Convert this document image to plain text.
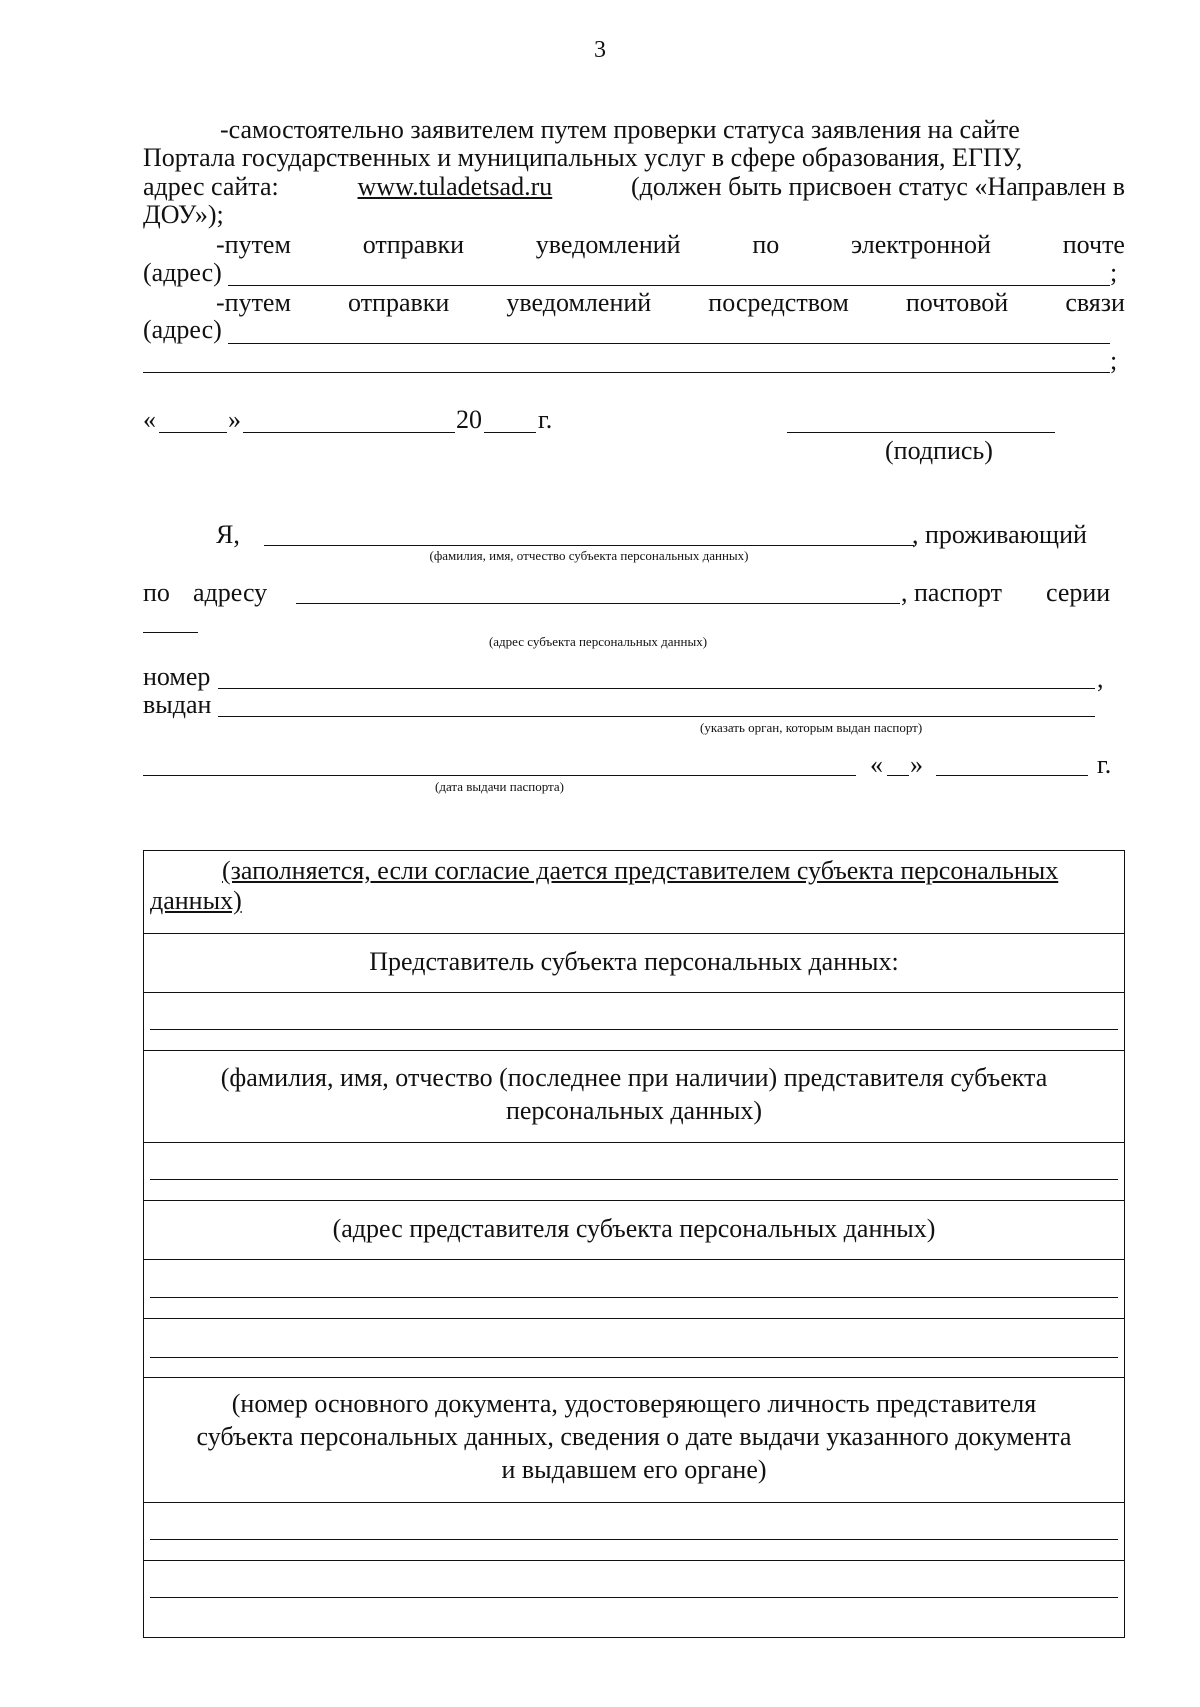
3
-самостоятельно заявителем путем проверки статуса заявления на сайте
Портала государственных и муниципальных услуг в сфере образования, ЕГПУ,
адрес сайта:	www.tuladetsad.ru	(должен быть присвоен статус «Направлен в
ДОУ»);
-путем	отправки	уведомлений	по	электронной	почте
(адрес)	;
-путем отправки уведомлений посредством почтовой связи
(адрес)
;
«	»	20 г.
(подпись)
Я,	, проживающий
(фамилия, имя, отчество субъекта персональных данных)
по адресу	, паспорт серии
(адрес субъекта персональных данных)
номер	,
выдан
(указать орган, которым выдан паспорт)
« »	г.
(дата выдачи паспорта)
(заполняется, если согласие дается представителем субъекта персональных
данных)
Представитель субъекта персональных данных:
(фамилия, имя, отчество (последнее при наличии) представителя субъекта
персональных данных)
(адрес представителя субъекта персональных данных)
(номер основного документа, удостоверяющего личность представителя
субъекта персональных данных, сведения о дате выдачи указанного документа
и выдавшем его органе)
